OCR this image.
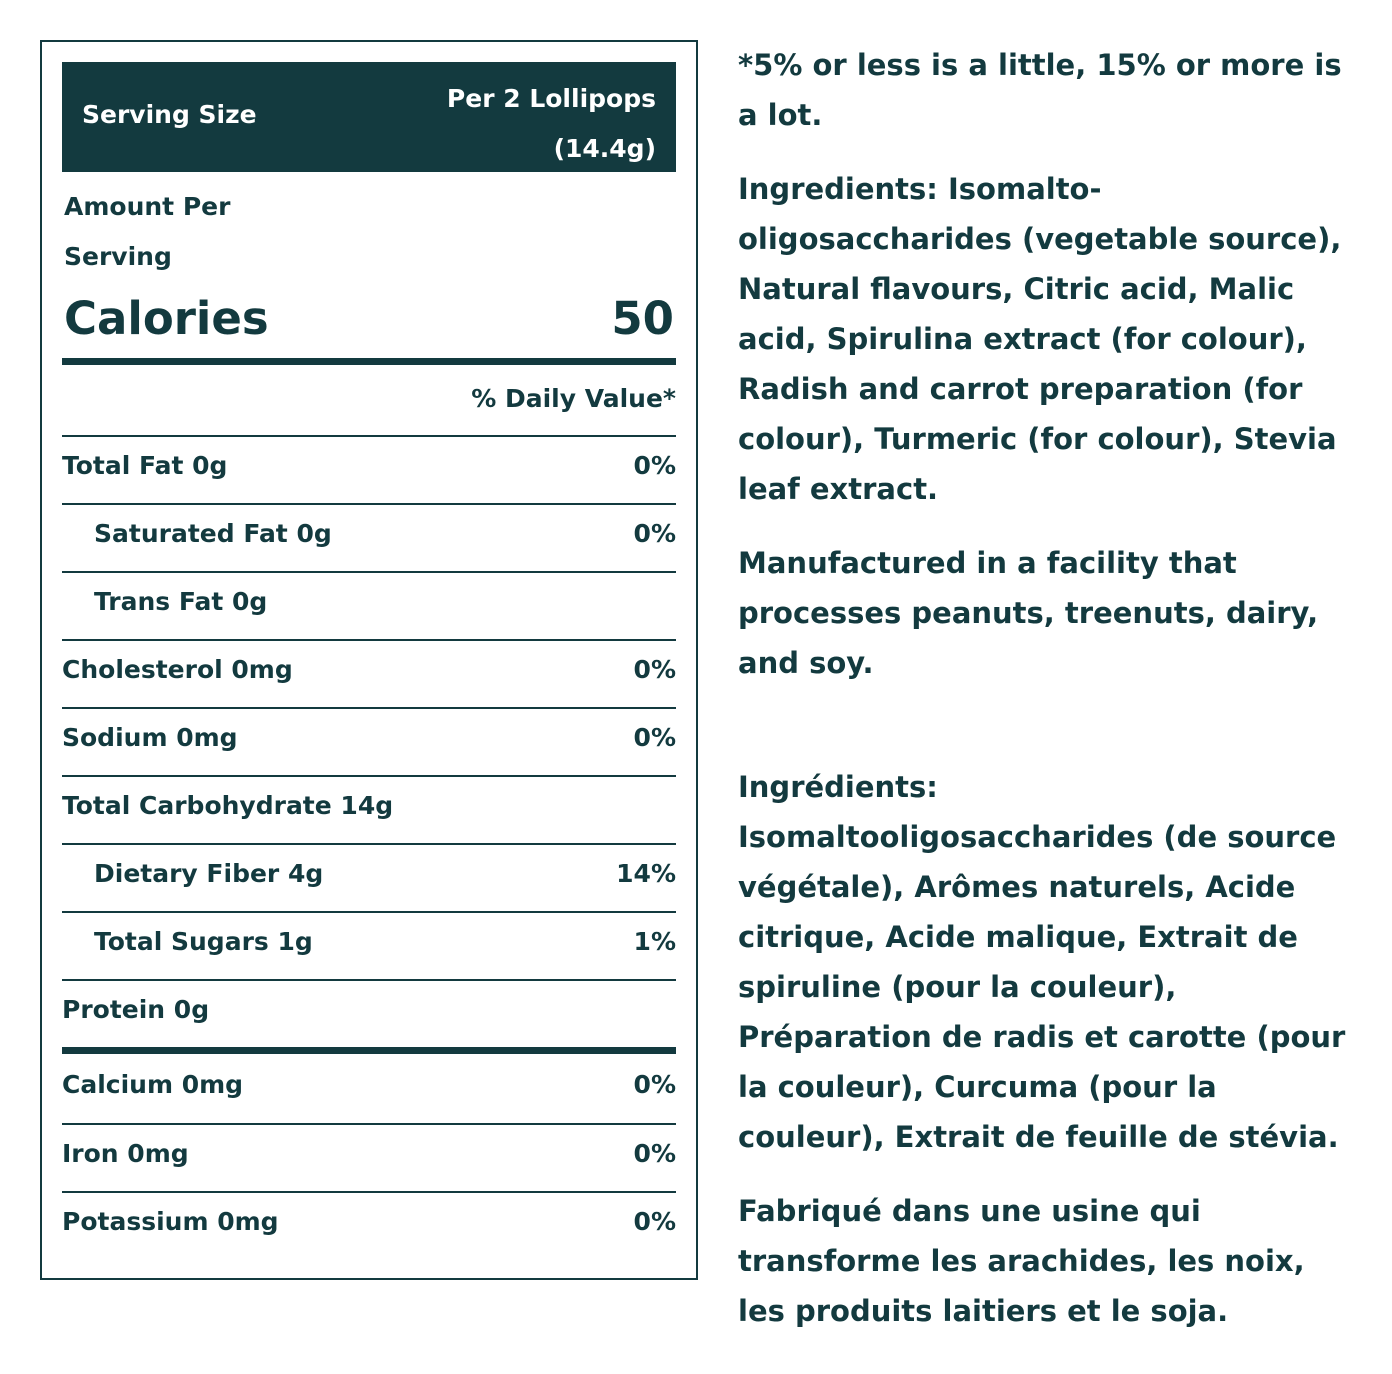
Serving Size
Per 2 Lollipops
(14.4g)
Amount Per
Serving
Calories	50
% Daily Value*
Total Fat 0g	0%
Saturated Fat 0g	0%
Trans Fat 0g
Cholesterol 0mg	0%
Sodium 0mg	0%
Total Carbohydrate 14g
Dietary Fiber 4g	14%
Total Sugars 1g	1%
Protein 0g
Calcium 0mg	0%
Iron 0mg	0%
Potassium 0mg	0%

*5% or less is a little, 15% or more is a lot.

Ingredients: Isomalto-oligosaccharides (vegetable source), Natural flavours, Citric acid, Malic acid, Spirulina extract (for colour), Radish and carrot preparation (for colour), Turmeric (for colour), Stevia leaf extract.

Manufactured in a facility that processes peanuts, treenuts, dairy, and soy.

Ingrédients: Isomaltooligosaccharides (de source végétale), Arômes naturels, Acide citrique, Acide malique, Extrait de spiruline (pour la couleur), Préparation de radis et carotte (pour la couleur), Curcuma (pour la couleur), Extrait de feuille de stévia.

Fabriqué dans une usine qui transforme les arachides, les noix, les produits laitiers et le soja.
